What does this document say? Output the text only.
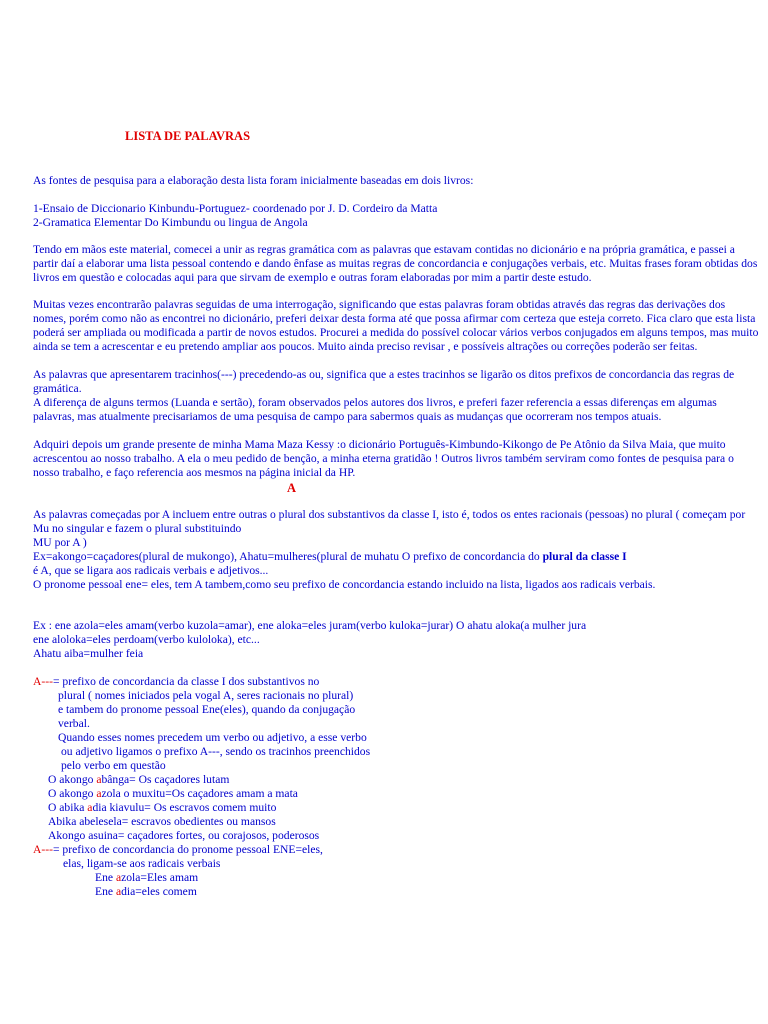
LISTA DE PALAVRAS

As fontes de pesquisa para a elaboração desta lista foram inicialmente baseadas em dois livros:

1-Ensaio de Diccionario Kinbundu-Portuguez- coordenado por J. D. Cordeiro da Matta

2-Gramatica Elementar Do Kimbundu ou lingua de Angola

Tendo em mãos este material, comecei a unir as regras gramática com as palavras que estavam contidas no dicionário e na própria gramática, e passei a partir daí a elaborar uma lista pessoal contendo e dando ênfase as muitas regras de concordancia e conjugações verbais, etc. Muitas frases foram obtidas dos livros em questão e colocadas aqui para que sirvam de exemplo e outras foram elaboradas por mim a partir deste estudo.

Muitas vezes encontrarão palavras seguidas de uma interrogação, significando que estas palavras foram obtidas através das regras das derivações dos nomes, porém como não as encontrei no dicionário, preferi deixar desta forma até que possa afirmar com certeza que esteja correto. Fica claro que esta lista poderá ser ampliada ou modificada a partir de novos estudos. Procurei a medida do possível colocar vários verbos conjugados em alguns tempos, mas muito ainda se tem a acrescentar e eu pretendo ampliar aos poucos. Muito ainda preciso revisar , e possíveis altrações ou correções poderão ser feitas.

As palavras que apresentarem tracinhos(---) precedendo-as ou, significa que a estes tracinhos se ligarão os ditos prefixos de concordancia das regras de gramática.

A diferença de alguns termos (Luanda e sertão), foram observados pelos autores dos livros, e preferi fazer referencia a essas diferenças em algumas palavras, mas atualmente precisariamos de uma pesquisa de campo para sabermos quais as mudanças que ocorreram nos tempos atuais.

Adquiri depois um grande presente de minha Mama Maza Kessy :o dicionário Português-Kimbundo-Kikongo de Pe Atônio da Silva Maia, que muito acrescentou ao nosso trabalho. A ela o meu pedido de benção, a minha eterna gratidão ! Outros livros também serviram como fontes de pesquisa para o nosso trabalho, e faço referencia aos mesmos na página inicial da HP.

A

As palavras começadas por A incluem entre outras o plural dos substantivos da classe I, isto é, todos os entes racionais (pessoas) no plural ( começam por Mu no singular e fazem o plural substituindo

MU por A )

Ex=akongo=caçadores(plural de mukongo), Ahatu=mulheres(plural de muhatu O prefixo de concordancia do plural da classe I

é A, que se ligara aos radicais verbais e adjetivos...

O pronome pessoal ene= eles, tem A tambem,como seu prefixo de concordancia estando incluido na lista, ligados aos radicais verbais.

Ex : ene azola=eles amam(verbo kuzola=amar), ene aloka=eles juram(verbo kuloka=jurar) O ahatu aloka(a mulher jura

ene aloloka=eles perdoam(verbo kuloloka), etc...

Ahatu aiba=mulher feia

A---= prefixo de concordancia da classe I dos substantivos no

plural ( nomes iniciados pela vogal A, seres racionais no plural)

e tambem do pronome pessoal Ene(eles), quando da conjugação

verbal.

Quando esses nomes precedem um verbo ou adjetivo, a esse verbo

ou adjetivo ligamos o prefixo A---, sendo os tracinhos preenchidos

pelo verbo em questão

O akongo abânga= Os caçadores lutam

O akongo azola o muxitu=Os caçadores amam a mata

O abika adia kiavulu= Os escravos comem muito

Abika abelesela= escravos obedientes ou mansos

Akongo asuina= caçadores fortes, ou corajosos, poderosos

A---= prefixo de concordancia do pronome pessoal ENE=eles,

elas, ligam-se aos radicais verbais

Ene azola=Eles amam

Ene adia=eles comem
